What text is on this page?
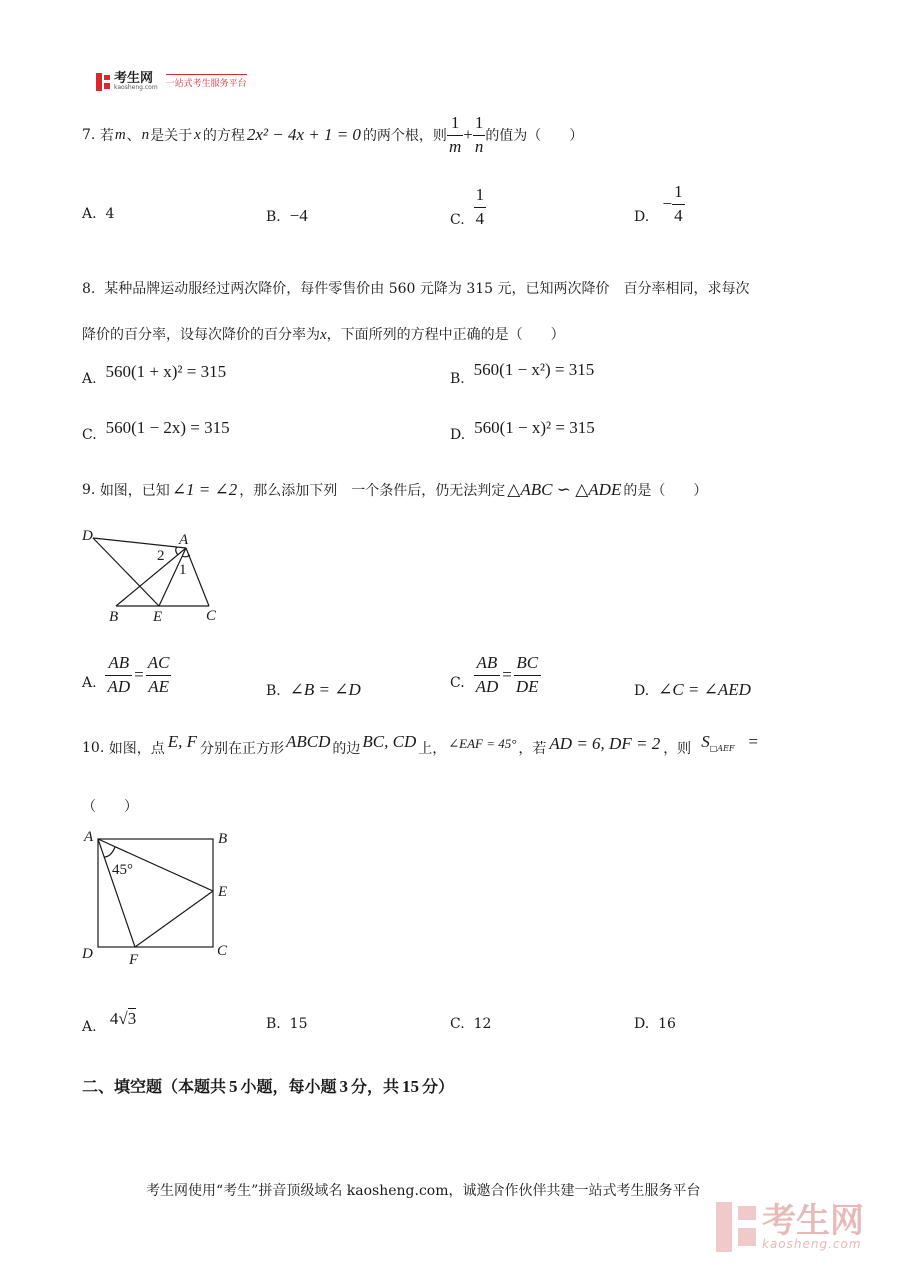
考生网
kaosheng.com 一站式考生服务平台
7.
若 m 、 n 是关于 x 的方程 2x² − 4x + 1 = 0 的两个根，则 $\frac{1}{m} + \frac{1}{n}$ 的值为（　　）
A. 4	B. −4	C.
$\frac{1}{4}$	D.

− $\frac{1}{4}$
8. 某种品牌运动服经过两次降价，每件零售价由 560 元降为 315 元，已知两次降价　百分率相同，求每次
降价的百分率，设每次降价的百分率为x，下面所列的方程中正确的是（　　）
A. 560(1 + x)² = 315	B. 560(1 − x²) = 315
C. 560(1 − 2x) = 315	D. 560(1 − x)² = 315
9.
如图，已知 ∠1 = ∠2 ，那么添加下列　一个条件后，仍无法判定 △ABC ∽ △ADE 的是（　　）
D	A
2
1
B E	C
A.
$\frac{AB}{AD} = \frac{AC}{AE}$	B. ∠B = ∠D	C.
$\frac{AB}{AD} = \frac{BC}{DE}$	D. ∠C = ∠AED
10.
如图，点 E, F 分别在正方形 ABCD 的边 BC, CD 上， ∠EAF = 45° ，若 AD = 6, DF = 2 ，则 S □AEF =
（　　）
A	B
45°
E
D	C
F
A.
4 √ 3	B. 15	C. 12	D. 16
二、填空题（本题共 5 小题，每小题 3 分，共 15 分）
考生网使用“考生”拼音顶级域名 kaosheng.com，诚邀合作伙伴共建一站式考生服务平台
考生网
kaosheng.com
